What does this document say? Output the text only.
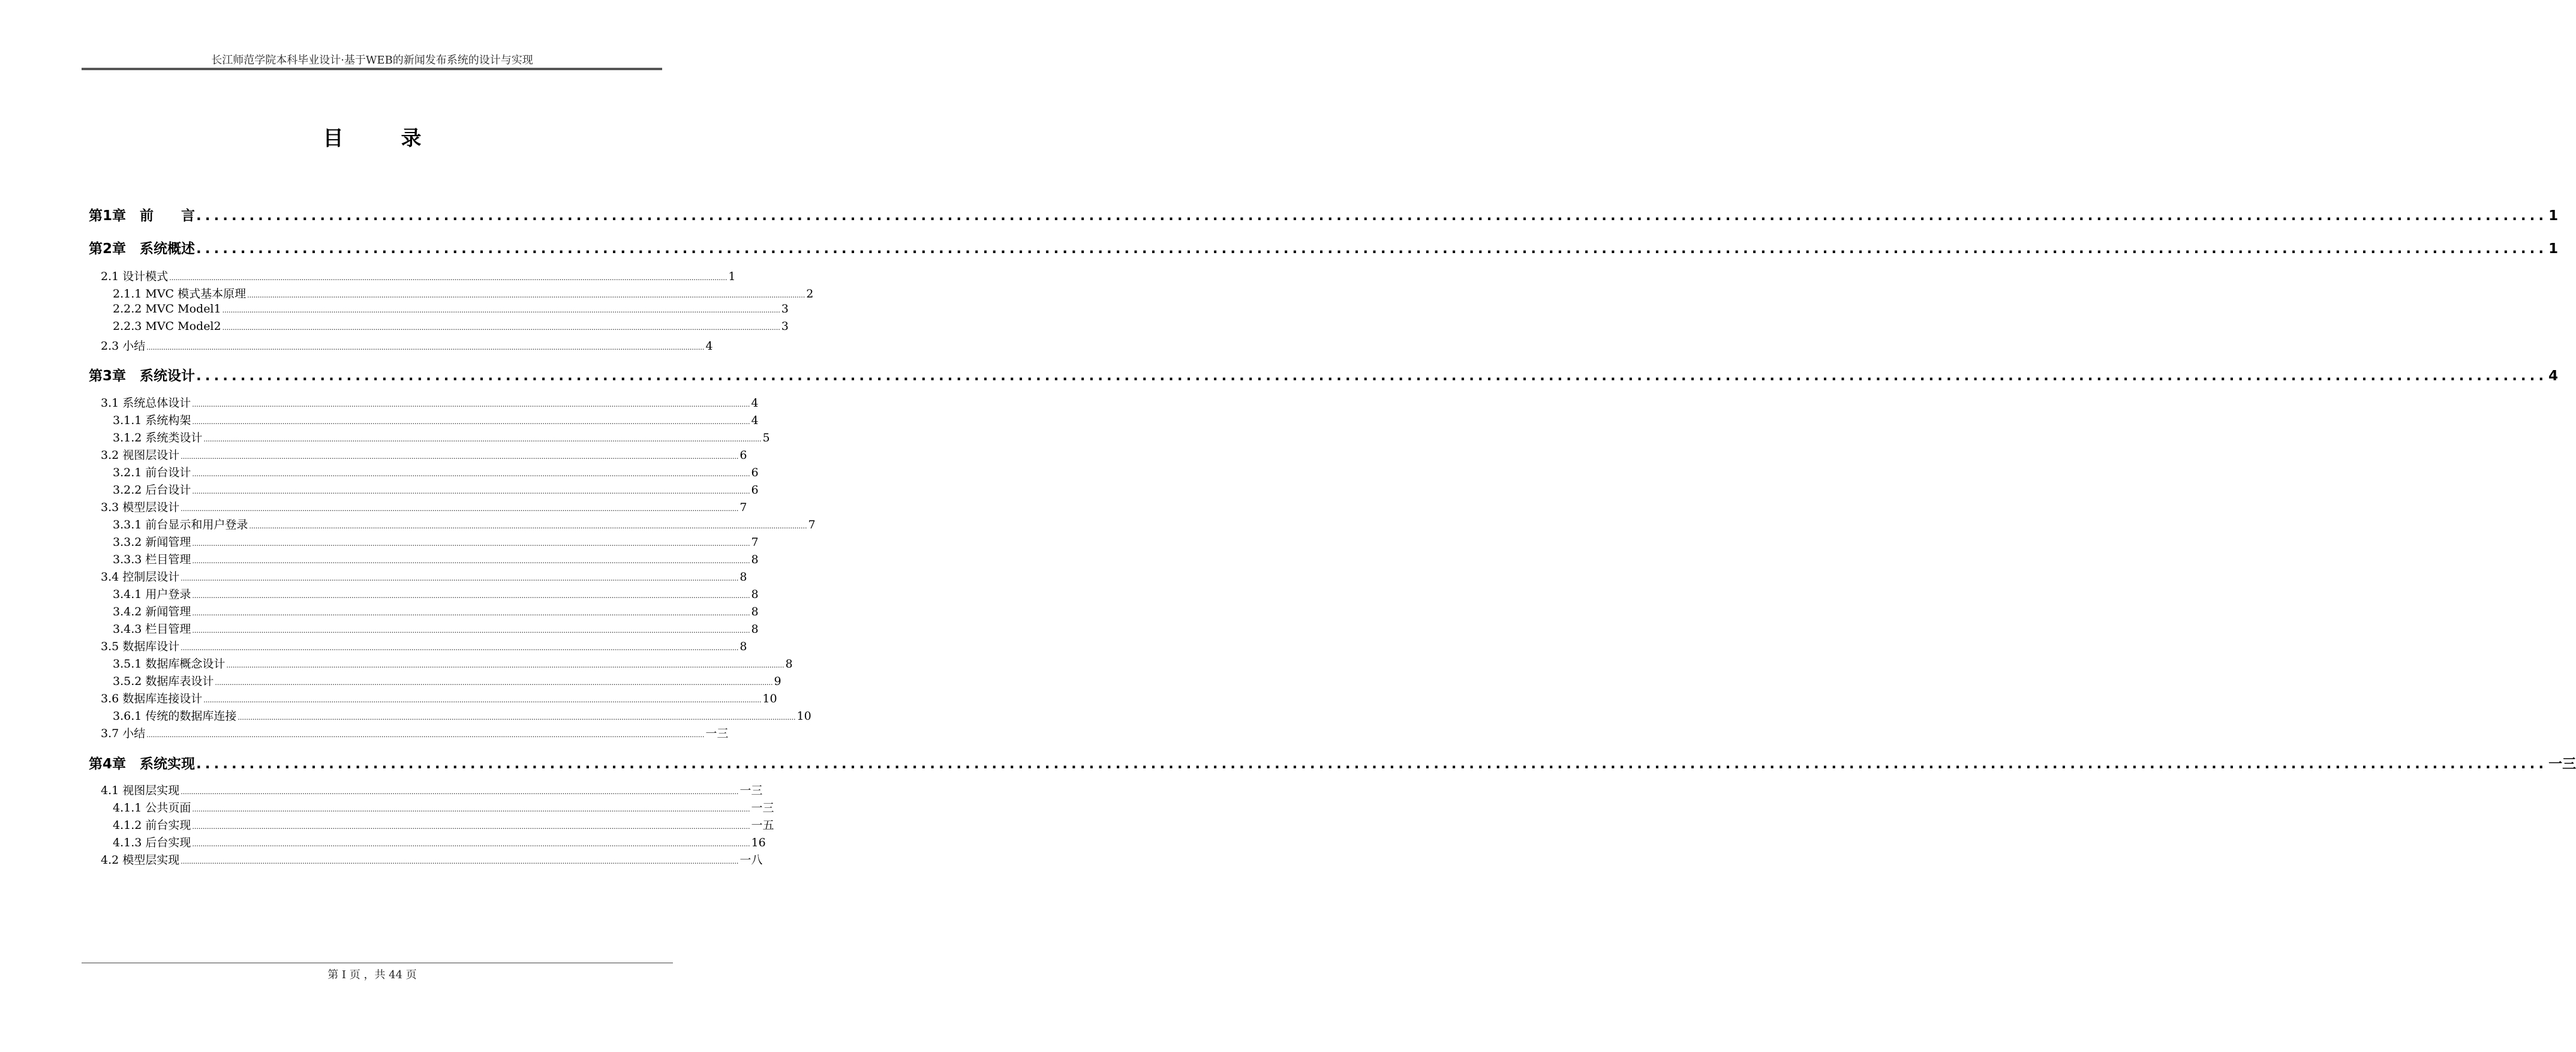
长江师范学院本科毕业设计·基于WEB的新闻发布系统的设计与实现
目	录
第1章　前　　言 .......................................................................................................................................................................................................................................................................... 1
第2章　系统概述 .......................................................................................................................................................................................................................................................................... 1
2.1 设计模式 .......................................................................................................................................................................................................................................................................... 1
2.1.1 MVC 模式基本原理 .......................................................................................................................................................................................................................................................................... 2
2.2.2 MVC Model1 .......................................................................................................................................................................................................................................................................... 3
2.2.3 MVC Model2 .......................................................................................................................................................................................................................................................................... 3
2.3 小结 .......................................................................................................................................................................................................................................................................... 4
第3章　系统设计 .......................................................................................................................................................................................................................................................................... 4
3.1 系统总体设计 .......................................................................................................................................................................................................................................................................... 4
3.1.1 系统构架 .......................................................................................................................................................................................................................................................................... 4
3.1.2 系统类设计 .......................................................................................................................................................................................................................................................................... 5
3.2 视图层设计 .......................................................................................................................................................................................................................................................................... 6
3.2.1 前台设计 .......................................................................................................................................................................................................................................................................... 6
3.2.2 后台设计 .......................................................................................................................................................................................................................................................................... 6
3.3 模型层设计 .......................................................................................................................................................................................................................................................................... 7
3.3.1 前台显示和用户登录 .......................................................................................................................................................................................................................................................................... 7
3.3.2 新闻管理 .......................................................................................................................................................................................................................................................................... 7
3.3.3 栏目管理 .......................................................................................................................................................................................................................................................................... 8
3.4 控制层设计 .......................................................................................................................................................................................................................................................................... 8
3.4.1 用户登录 .......................................................................................................................................................................................................................................................................... 8
3.4.2 新闻管理 .......................................................................................................................................................................................................................................................................... 8
3.4.3 栏目管理 .......................................................................................................................................................................................................................................................................... 8
3.5 数据库设计 .......................................................................................................................................................................................................................................................................... 8
3.5.1 数据库概念设计 .......................................................................................................................................................................................................................................................................... 8
3.5.2 数据库表设计 .......................................................................................................................................................................................................................................................................... 9
3.6 数据库连接设计 .......................................................................................................................................................................................................................................................................... 10
3.6.1 传统的数据库连接 .......................................................................................................................................................................................................................................................................... 10
3.7 小结 .......................................................................................................................................................................................................................................................................... 一三
第4章　系统实现 .......................................................................................................................................................................................................................................................................... 一三
4.1 视图层实现 .......................................................................................................................................................................................................................................................................... 一三
4.1.1 公共页面 .......................................................................................................................................................................................................................................................................... 一三
4.1.2 前台实现 .......................................................................................................................................................................................................................................................................... 一五
4.1.3 后台实现 .......................................................................................................................................................................................................................................................................... 16
4.2 模型层实现 .......................................................................................................................................................................................................................................................................... 一八
第 I 页 ，共 44 页
